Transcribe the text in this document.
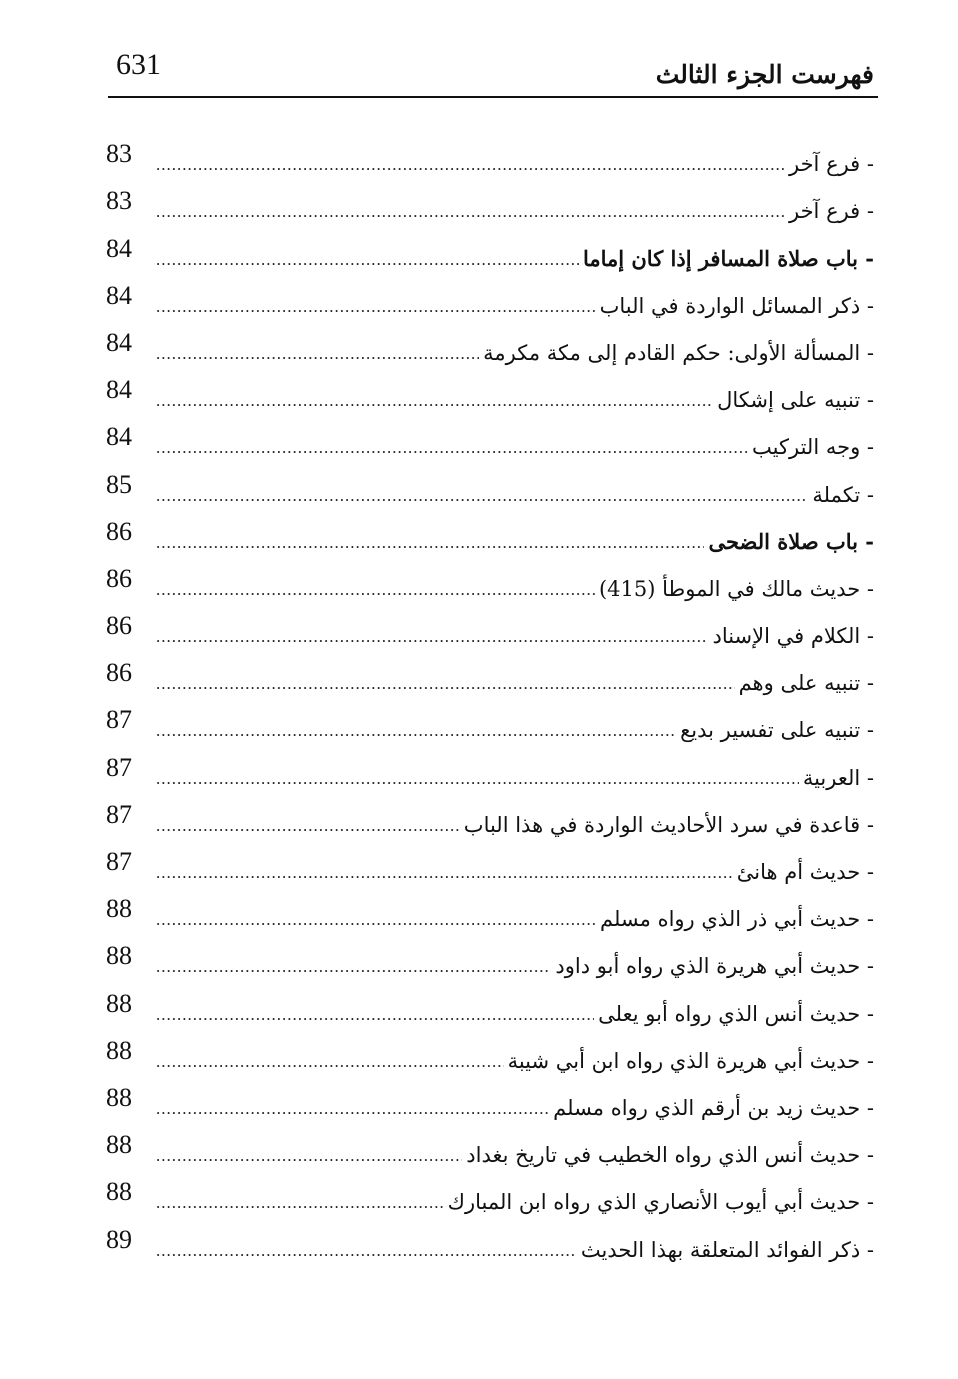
631	فهرست الجزء الثالث
83 .....	- فرع آخر
83 .....	- فرع آخر
84 .....	- باب صلاة المسافر إذا كان إماما
84 .....	- ذكر المسائل الواردة في الباب
84 .....	- المسألة الأولى: حكم القادم إلى مكة مكرمة
84 .....	- تنبيه على إشكال
84 .....	- وجه التركيب
85 .....	- تكملة
86 .....	- باب صلاة الضحى
86 .....	- حديث مالك في الموطأ (415)
86 .....	- الكلام في الإسناد
86 .....	- تنبيه على وهم
87 .....	- تنبيه على تفسير بديع
87 .....	- العربية
87 .....	- قاعدة في سرد الأحاديث الواردة في هذا الباب
87 .....	- حديث أم هانئ
88 .....	- حديث أبي ذر الذي رواه مسلم
88 .....	- حديث أبي هريرة الذي رواه أبو داود
88 .....	- حديث أنس الذي رواه أبو يعلى
88 .....	- حديث أبي هريرة الذي رواه ابن أبي شيبة
88 .....	- حديث زيد بن أرقم الذي رواه مسلم
88 .....	- حديث أنس الذي رواه الخطيب في تاريخ بغداد
88 .....	- حديث أبي أيوب الأنصاري الذي رواه ابن المبارك
89 .....	- ذكر الفوائد المتعلقة بهذا الحديث
